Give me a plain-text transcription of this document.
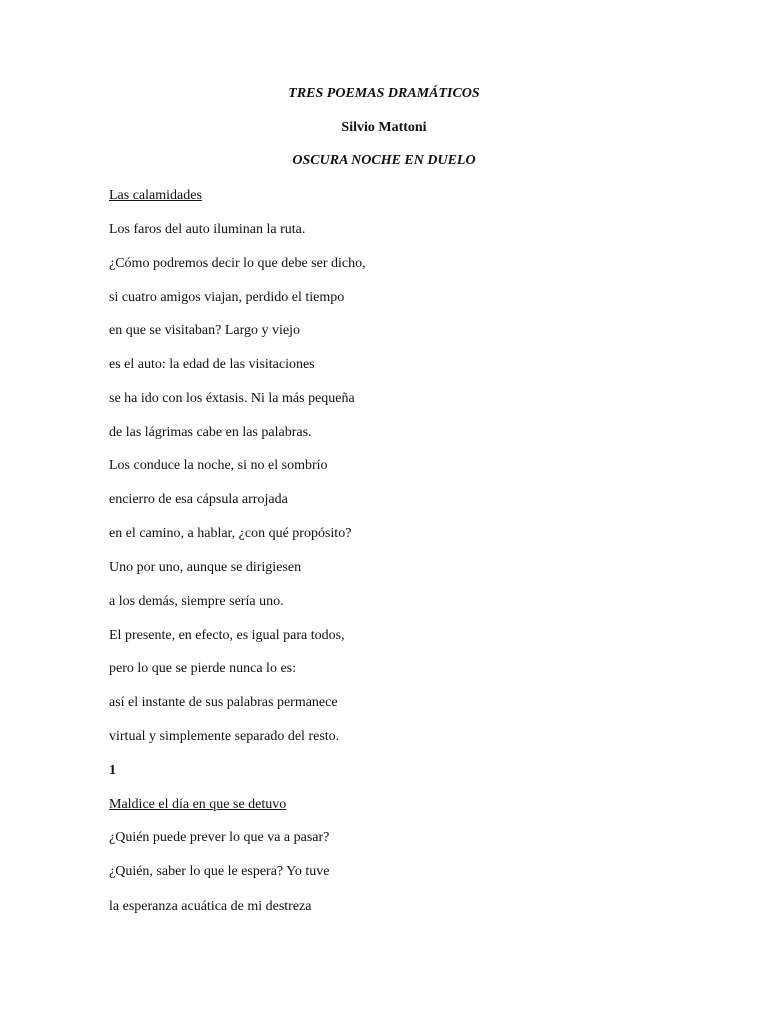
TRES POEMAS DRAMÁTICOS
Silvio Mattoni
OSCURA NOCHE EN DUELO
Las calamidades
Los faros del auto iluminan la ruta.
¿Cómo podremos decir lo que debe ser dicho,
si cuatro amigos viajan, perdido el tiempo
en que se visitaban? Largo y viejo
es el auto: la edad de las visitaciones
se ha ido con los éxtasis. Ni la más pequeña
de las lágrimas cabe en las palabras.
Los conduce la noche, si no el sombrío
encierro de esa cápsula arrojada
en el camino, a hablar, ¿con qué propósito?
Uno por uno, aunque se dirigiesen
a los demás, siempre sería uno.
El presente, en efecto, es igual para todos,
pero lo que se pierde nunca lo es:
así el instante de sus palabras permanece
virtual y simplemente separado del resto.
1
Maldice el día en que se detuvo
¿Quién puede prever lo que va a pasar?
¿Quién, saber lo que le espera? Yo tuve
la esperanza acuática de mi destreza
